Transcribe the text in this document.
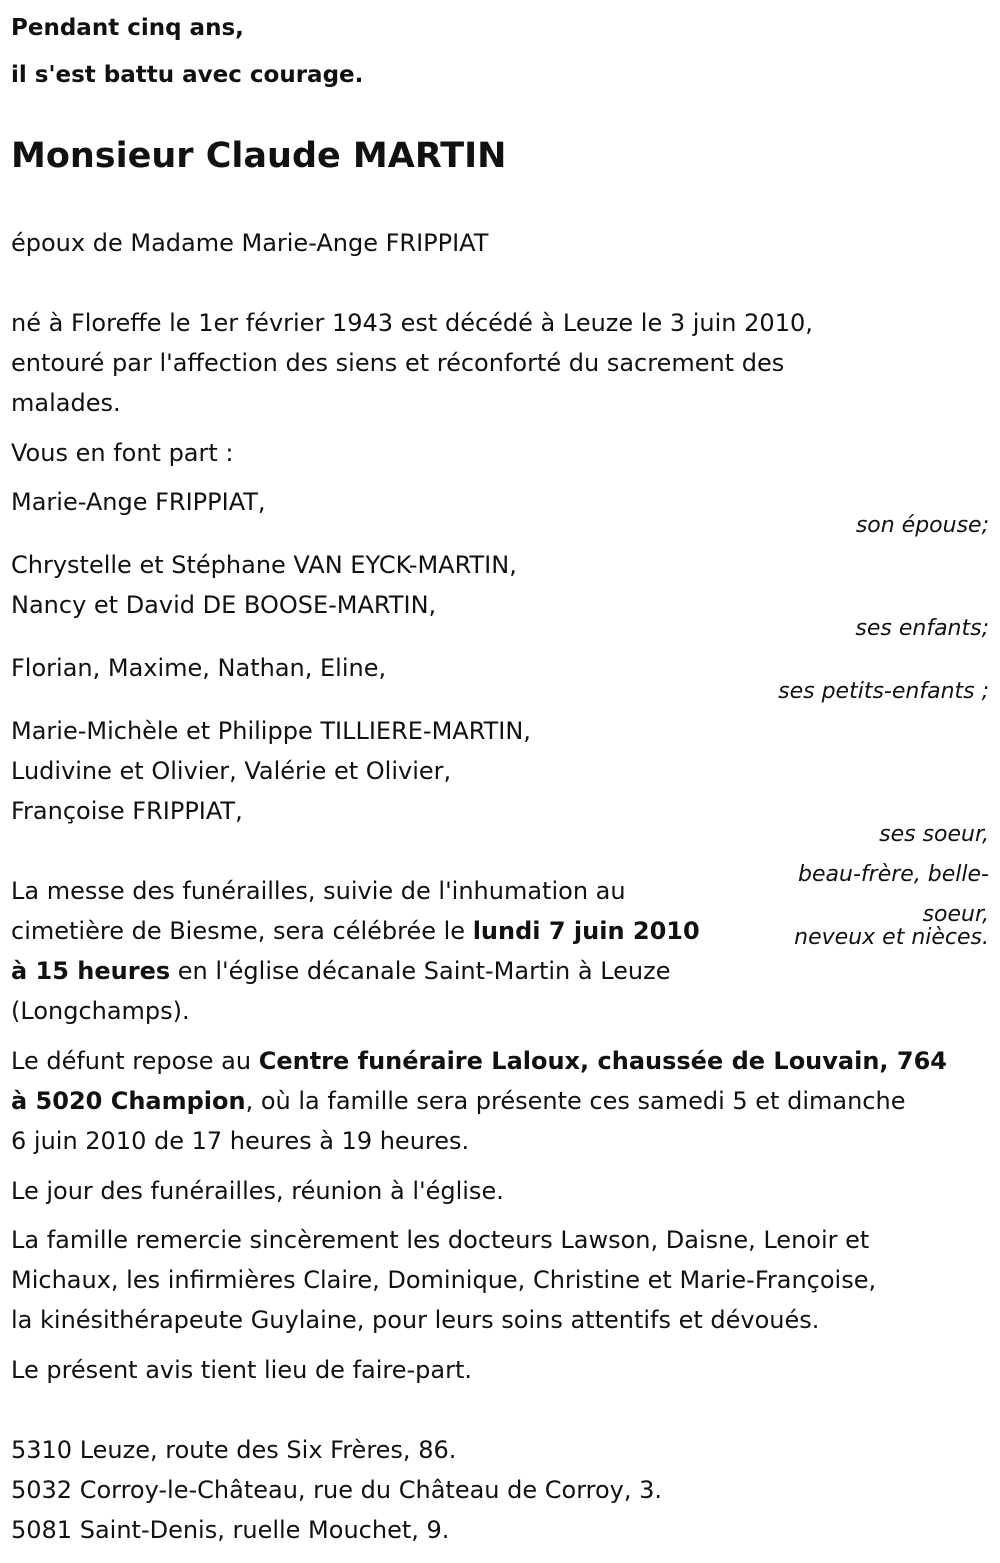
Pendant cinq ans,
il s'est battu avec courage.
Monsieur Claude MARTIN
époux de Madame Marie-Ange FRIPPIAT
né à Floreffe le 1er février 1943 est décédé à Leuze le 3 juin 2010,
entouré par l'affection des siens et réconforté du sacrement des
malades.
Vous en font part :
Marie-Ange FRIPPIAT,
son épouse;
Chrystelle et Stéphane VAN EYCK-MARTIN,
Nancy et David DE BOOSE-MARTIN,
ses enfants;
Florian, Maxime, Nathan, Eline,
ses petits-enfants ;
Marie-Michèle et Philippe TILLIERE-MARTIN,
Ludivine et Olivier, Valérie et Olivier,
Françoise FRIPPIAT,
ses soeur,
beau-frère, belle-
soeur,
neveux et nièces.
La messe des funérailles, suivie de l'inhumation au
cimetière de Biesme, sera célébrée le lundi 7 juin 2010
à 15 heures en l'église décanale Saint-Martin à Leuze
(Longchamps).
Le défunt repose au Centre funéraire Laloux, chaussée de Louvain, 764
à 5020 Champion, où la famille sera présente ces samedi 5 et dimanche
6 juin 2010 de 17 heures à 19 heures.
Le jour des funérailles, réunion à l'église.
La famille remercie sincèrement les docteurs Lawson, Daisne, Lenoir et
Michaux, les infirmières Claire, Dominique, Christine et Marie-Françoise,
la kinésithérapeute Guylaine, pour leurs soins attentifs et dévoués.
Le présent avis tient lieu de faire-part.
5310 Leuze, route des Six Frères, 86.
5032 Corroy-le-Château, rue du Château de Corroy, 3.
5081 Saint-Denis, ruelle Mouchet, 9.
